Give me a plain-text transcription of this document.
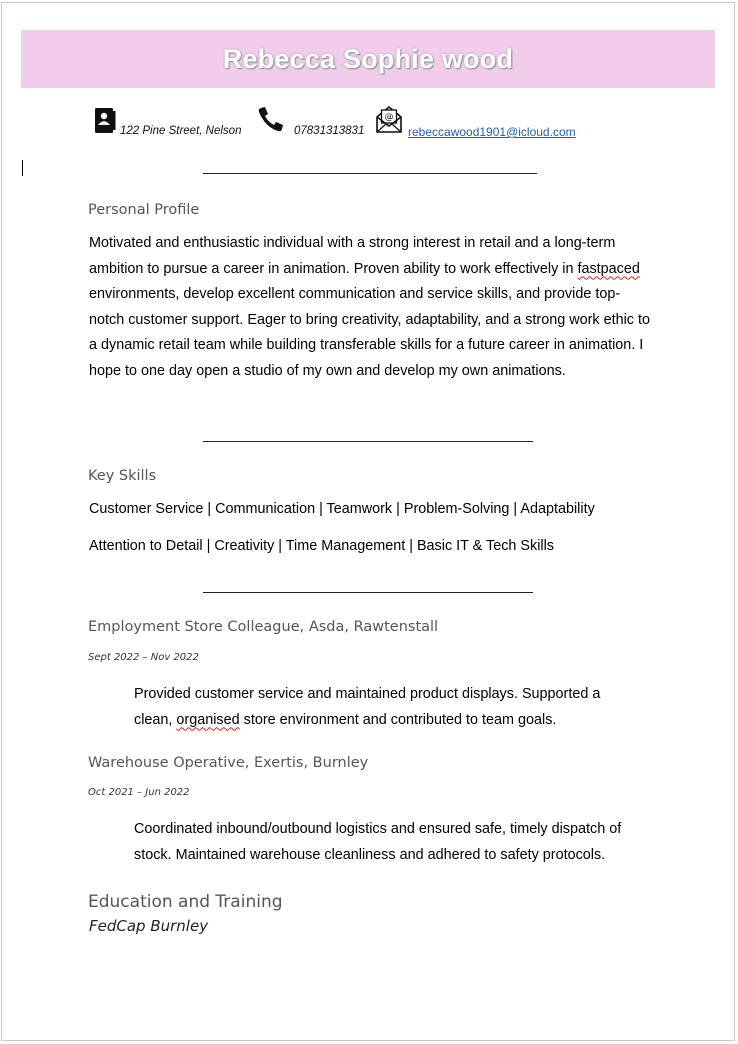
Rebecca Sophie wood
122 Pine Street, Nelson	07831313831
@
rebeccawood1901@icloud.com
Personal Profile
Motivated and enthusiastic individual with a strong interest in retail and a long-term ambition to pursue a career in animation. Proven ability to work effectively in fastpaced environments, develop excellent communication and service skills, and provide top-notch customer support. Eager to bring creativity, adaptability, and a strong work ethic to a dynamic retail team while building transferable skills for a future career in animation. I hope to one day open a studio of my own and develop my own animations.
Key Skills
Customer Service | Communication | Teamwork | Problem-Solving | Adaptability
Attention to Detail | Creativity | Time Management | Basic IT & Tech Skills
Employment Store Colleague, Asda, Rawtenstall
Sept 2022 – Nov 2022
Provided customer service and maintained product displays. Supported a
clean, organised store environment and contributed to team goals.
Warehouse Operative, Exertis, Burnley
Oct 2021 – Jun 2022
Coordinated inbound/outbound logistics and ensured safe, timely dispatch of
stock. Maintained warehouse cleanliness and adhered to safety protocols.
Education and Training
FedCap Burnley
